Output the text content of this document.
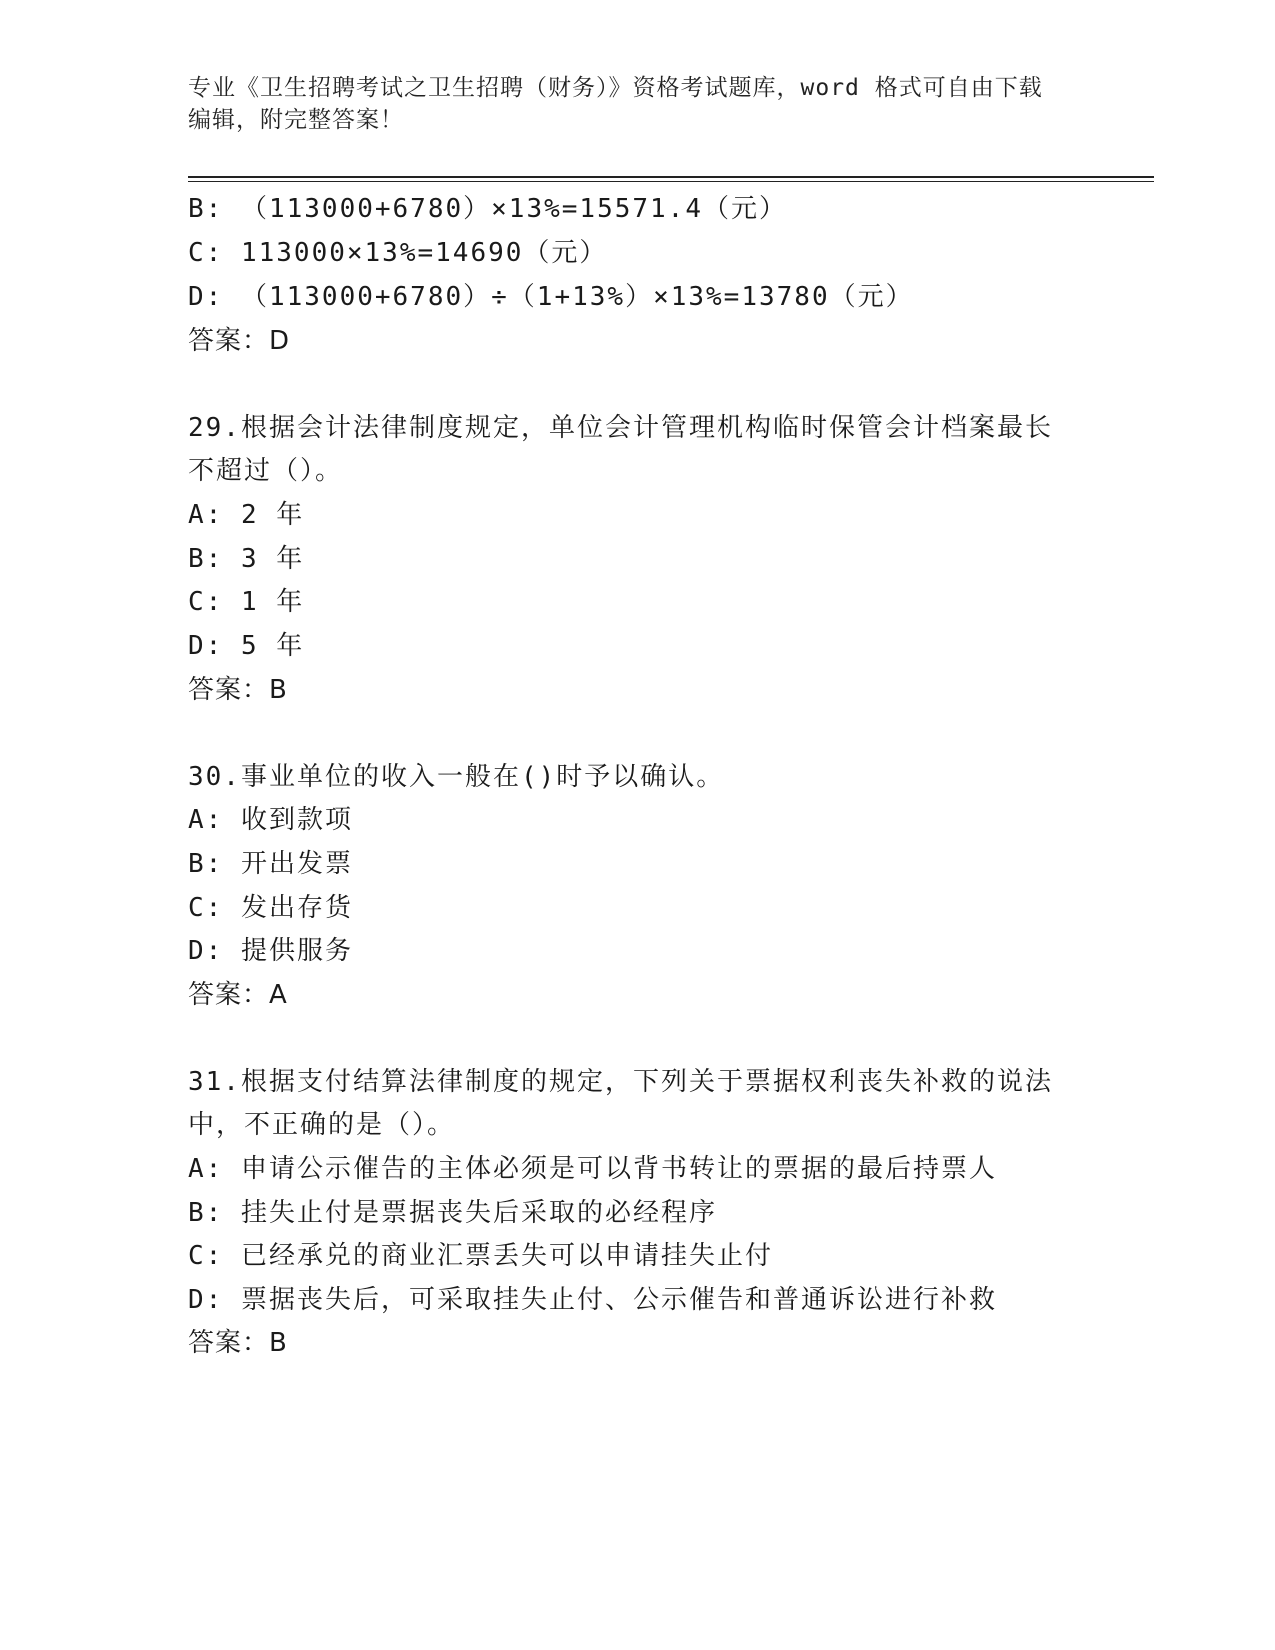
专业《卫生招聘考试之卫生招聘（财务）》资格考试题库，word 格式可自由下载
编辑，附完整答案！
B: （113000+6780）×13%=15571.4（元）
C: 113000×13%=14690（元）
D: （113000+6780）÷（1+13%）×13%=13780（元）
答案：D
29.根据会计法律制度规定，单位会计管理机构临时保管会计档案最长
不超过（）。
A: 2 年
B: 3 年
C: 1 年
D: 5 年
答案：B
30.事业单位的收入一般在()时予以确认。
A: 收到款项
B: 开出发票
C: 发出存货
D: 提供服务
答案：A
31.根据支付结算法律制度的规定，下列关于票据权利丧失补救的说法
中，不正确的是（）。
A: 申请公示催告的主体必须是可以背书转让的票据的最后持票人
B: 挂失止付是票据丧失后采取的必经程序
C: 已经承兑的商业汇票丢失可以申请挂失止付
D: 票据丧失后，可采取挂失止付、公示催告和普通诉讼进行补救
答案：B
